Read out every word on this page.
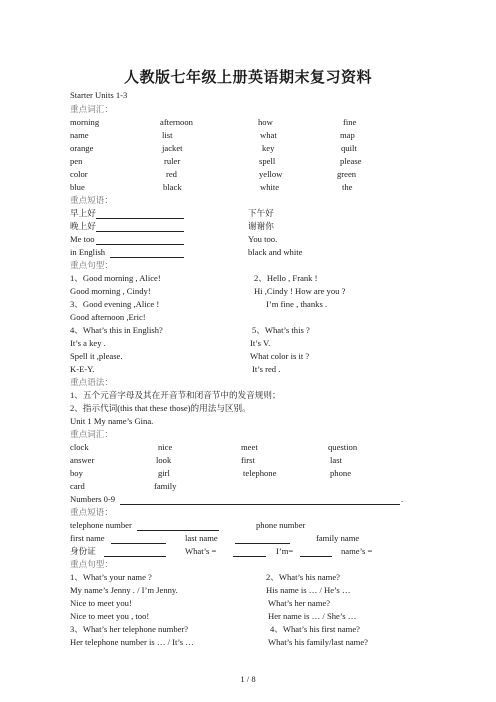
人教版七年级上册英语期末复习资料
Starter Units 1-3
重点词汇：
morning	afternoon	how	fine
name	list	what	map
orange	jacket	key	quilt
pen	ruler	spell	please
color	red	yellow	green
blue	black	white	the
重点短语：
早上好	下午好
晚上好	谢谢你
Me too	You too.
in English	black and white
重点句型：
1、Good morning , Alice!	2、Hello , Frank !
Good morning , Cindy!	Hi ,Cindy ! How are you ?
3、Good evening ,Alice !	I’m fine , thanks .
Good afternoon ,Eric!
4、What’s this in English?	5、What’s this ?
It’s a key .	It’s V.
Spell it ,please.	What color is it ?
K-E-Y.	It’s red .
重点语法：
1、五个元音字母及其在开音节和闭音节中的发音规则；
2、指示代词(this that these those)的用法与区别。
Unit 1 My name’s Gina.
重点词汇：
clock	nice	meet	question
answer	look	first	last
boy	girl	telephone	phone
card	family
Numbers 0-9	.
重点短语：
telephone number	phone number
first name	last name	family name
身份证	What’s =	I’m=	name’s =
重点句型：
1、What’s your name ?	2、What’s his name?
My name’s Jenny . / I’m Jenny.	His name is … / He’s …
Nice to meet you!	What’s her name?
Nice to meet you , too!	Her name is … / She’s …
3、What’s her telephone number?	4、What’s his first name?
Her telephone number is … / It’s …	What’s his family/last name?
1 / 8
